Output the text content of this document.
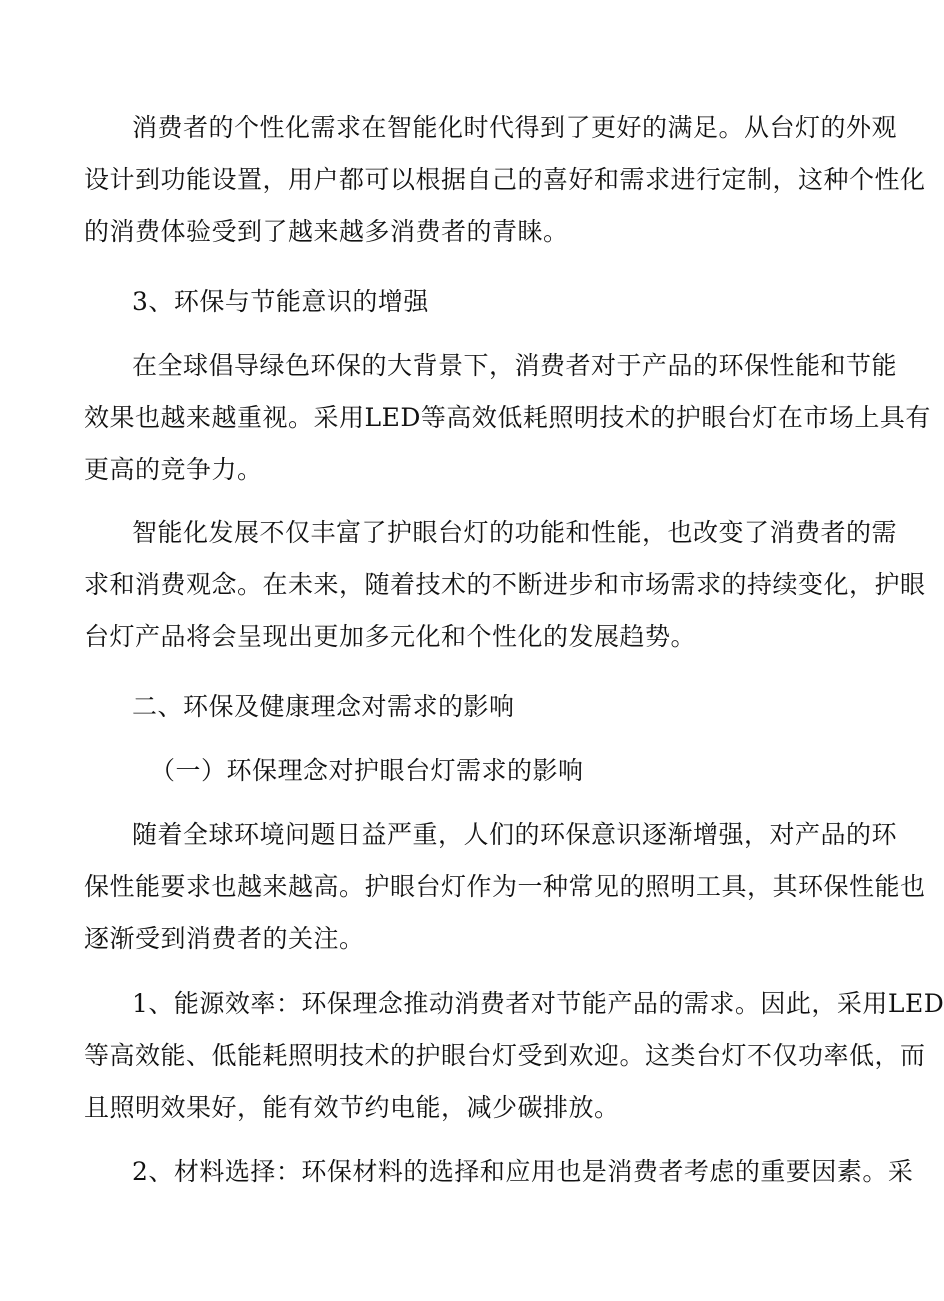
消费者的个性化需求在智能化时代得到了更好的满足。从台灯的外观
设计到功能设置，用户都可以根据自己的喜好和需求进行定制，这种个性化
的消费体验受到了越来越多消费者的青睐。
3、环保与节能意识的增强
在全球倡导绿色环保的大背景下，消费者对于产品的环保性能和节能
效果也越来越重视。采用LED等高效低耗照明技术的护眼台灯在市场上具有
更高的竞争力。
智能化发展不仅丰富了护眼台灯的功能和性能，也改变了消费者的需
求和消费观念。在未来，随着技术的不断进步和市场需求的持续变化，护眼
台灯产品将会呈现出更加多元化和个性化的发展趋势。
二、环保及健康理念对需求的影响
（一）环保理念对护眼台灯需求的影响
随着全球环境问题日益严重，人们的环保意识逐渐增强，对产品的环
保性能要求也越来越高。护眼台灯作为一种常见的照明工具，其环保性能也
逐渐受到消费者的关注。
1、能源效率：环保理念推动消费者对节能产品的需求。因此，采用LED
等高效能、低能耗照明技术的护眼台灯受到欢迎。这类台灯不仅功率低，而
且照明效果好，能有效节约电能，减少碳排放。
2、材料选择：环保材料的选择和应用也是消费者考虑的重要因素。采
